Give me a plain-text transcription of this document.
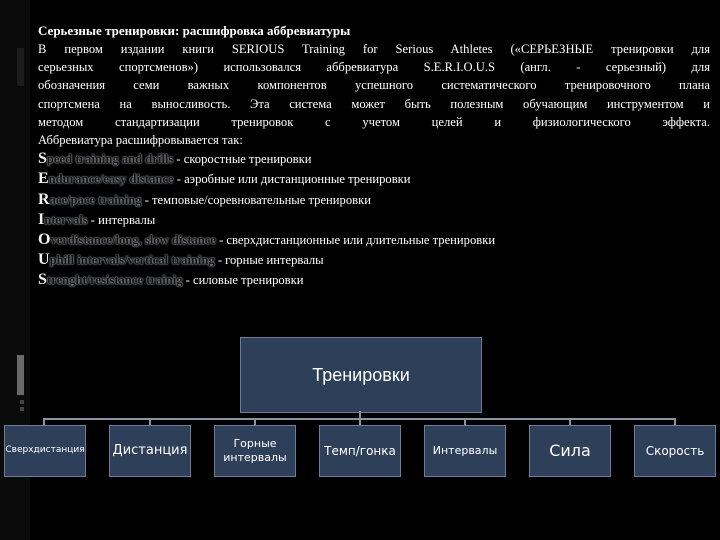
Серьезные тренировки: расшифровка аббревиатуры
В первом издании книги SERIOUS Training for Serious Athletes («СЕРЬЕЗНЫЕ тренировки для
серьезных спортсменов») использовался аббревиатура S.E.R.I.O.U.S (англ. - серьезный) для
обозначения семи важных компонентов успешного систематического тренировочного плана
спортсмена на выносливость. Эта система может быть полезным обучающим инструментом и
методом стандартизации тренировок с учетом целей и физиологического эффекта.
Аббревиатура расшифровывается так:
Speed training and drills - скоростные тренировки
Endurance/easy distance - аэробные или дистанционные тренировки
Race/pace training - темповые/соревновательные тренировки
Intervals - интервалы
Overdistance/long, slow distance - сверхдистанционные или длительные тренировки
Uphill intervals/vertical training - горные интервалы
Strenght/resistance trainig - силовые тренировки
Тренировки
Сверхдистанция Дистанция	Горные интервалы	Темп/гонка	Интервалы	Сила	Скорость
